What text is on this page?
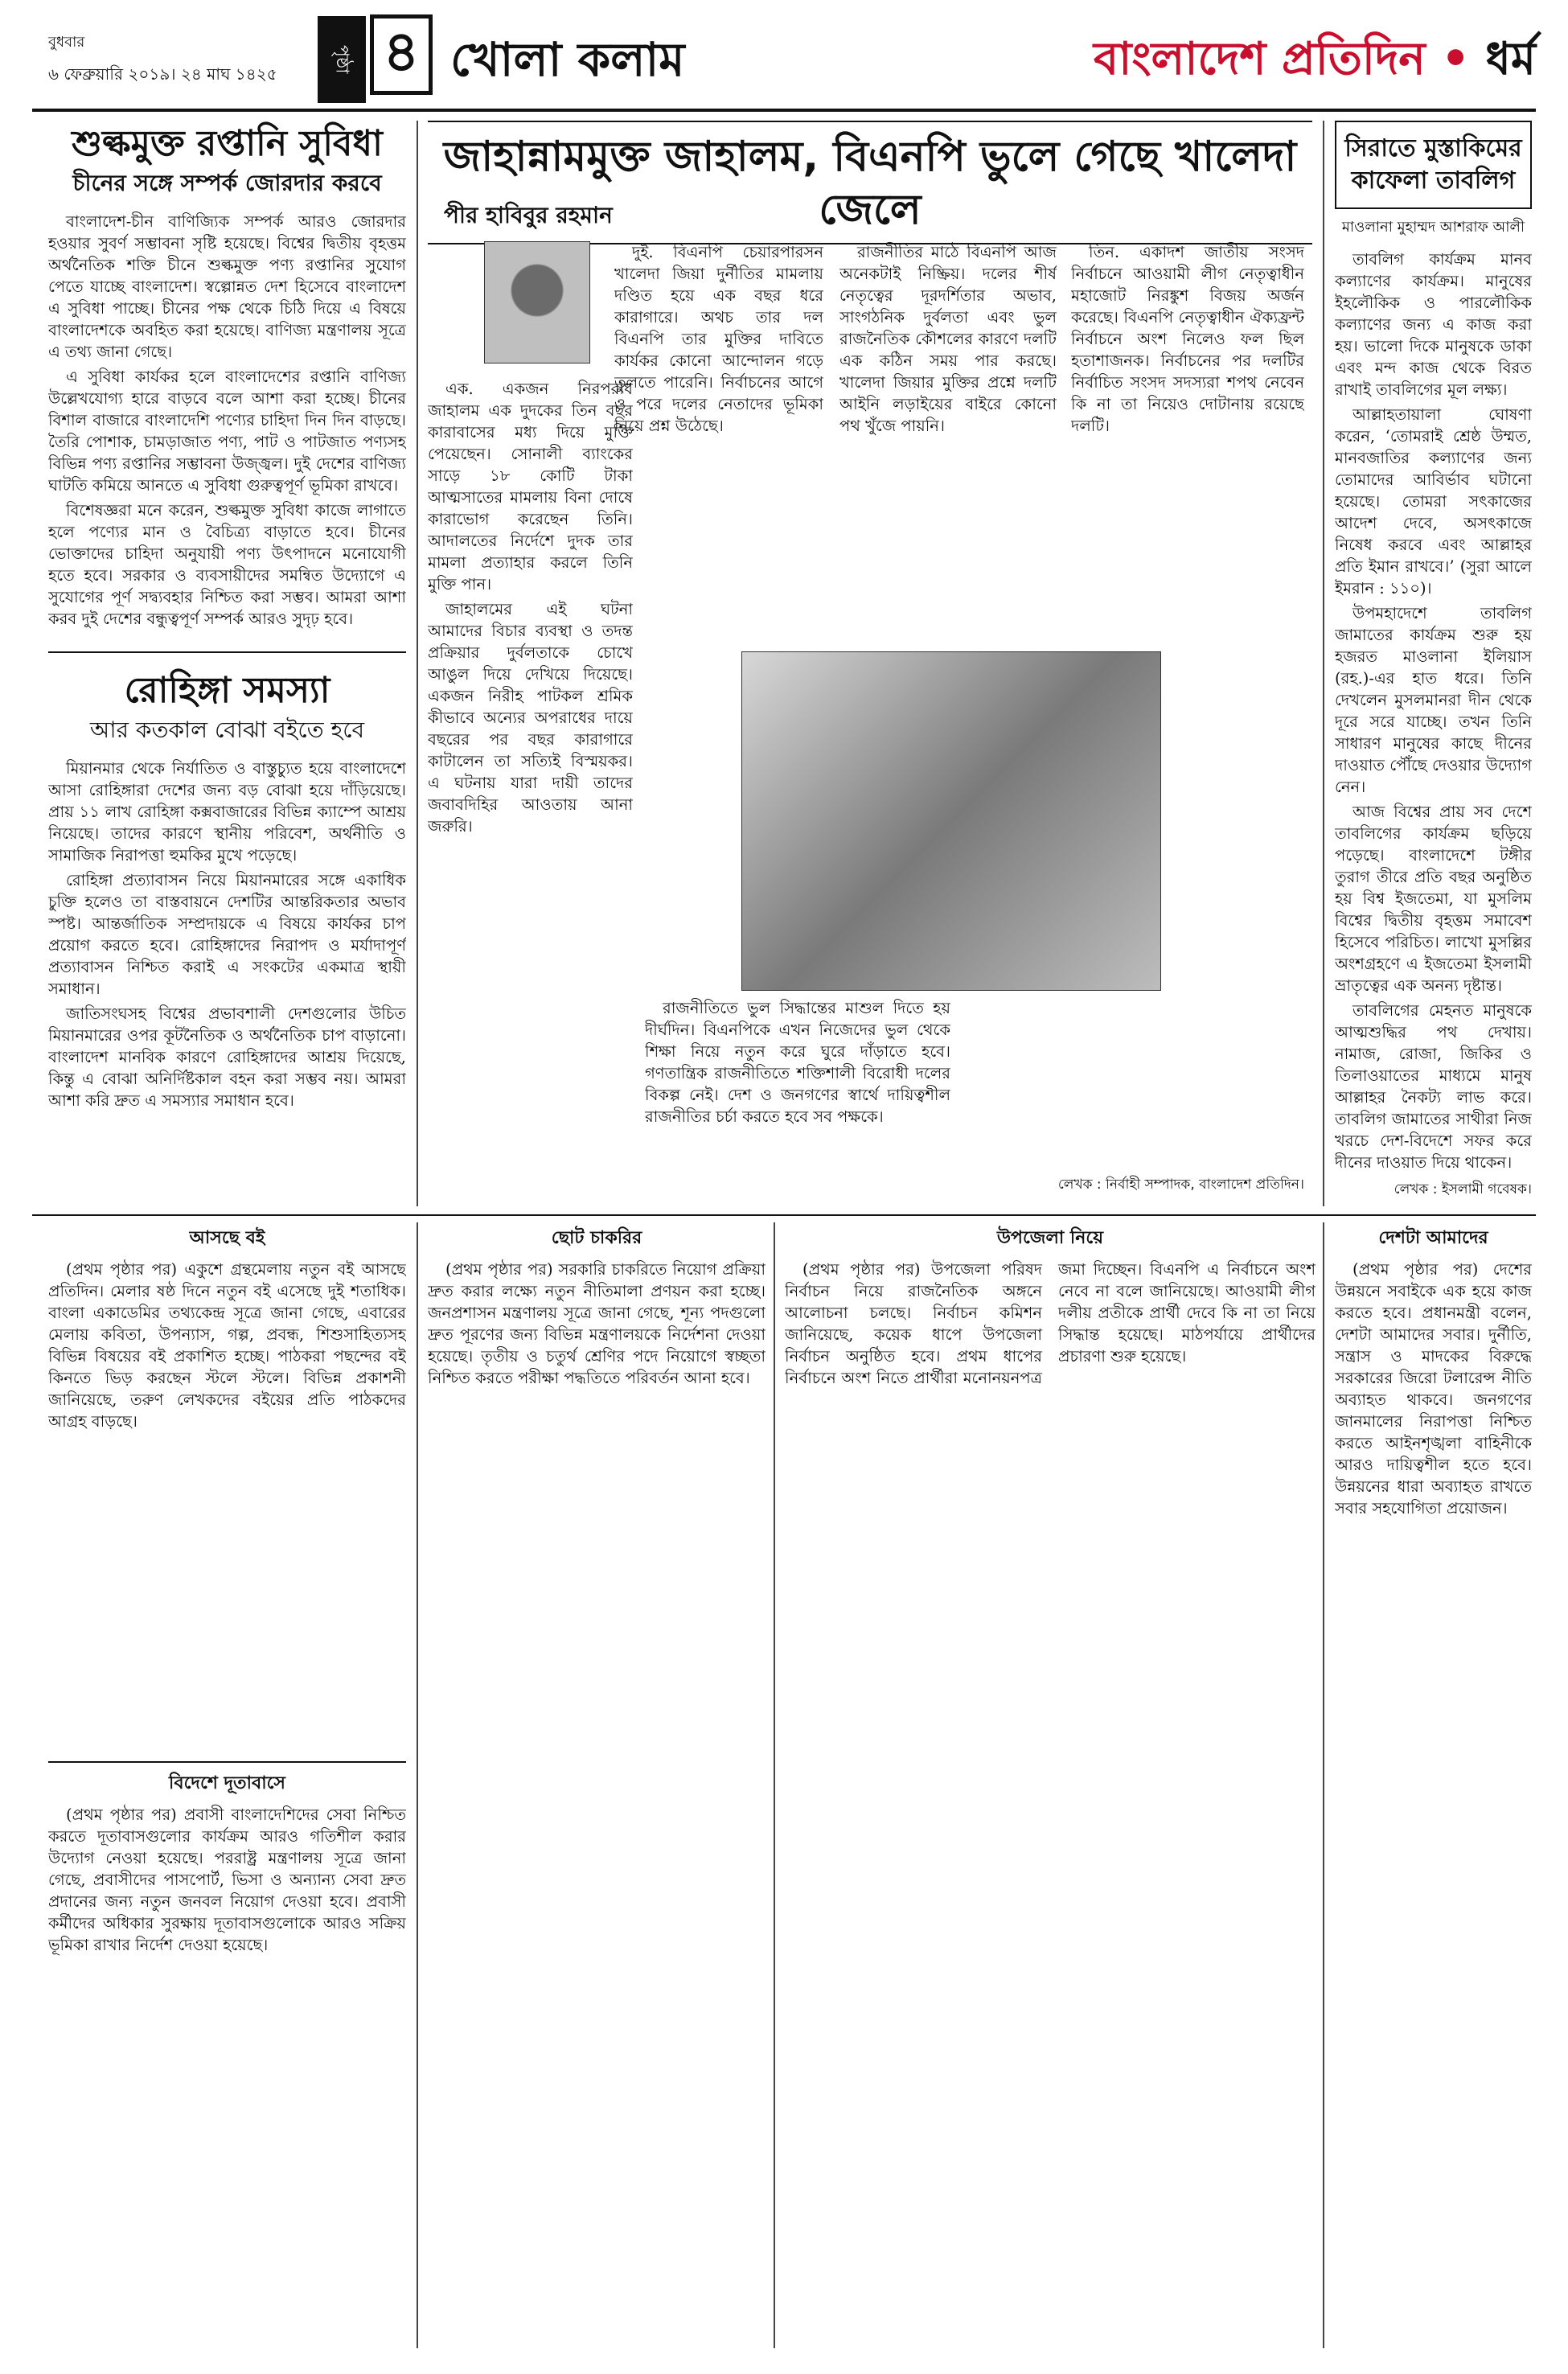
বুধবার
৬ ফেব্রুয়ারি ২০১৯। ২৪ মাঘ ১৪২৫
পৃষ্ঠা ৪ খোলা কলাম	বাংলাদেশ প্রতিদিন • ধর্ম
শুল্কমুক্ত রপ্তানি সুবিধা
চীনের সঙ্গে সম্পর্ক জোরদার করবে

বাংলাদেশ-চীন বাণিজ্যিক সম্পর্ক আরও জোরদার হওয়ার সুবর্ণ সম্ভাবনা সৃষ্টি হয়েছে। বিশ্বের দ্বিতীয় বৃহত্তম অর্থনৈতিক শক্তি চীনে শুল্কমুক্ত পণ্য রপ্তানির সুযোগ পেতে যাচ্ছে বাংলাদেশ। স্বল্পোন্নত দেশ হিসেবে বাংলাদেশ এ সুবিধা পাচ্ছে। চীনের পক্ষ থেকে চিঠি দিয়ে এ বিষয়ে বাংলাদেশকে অবহিত করা হয়েছে। বাণিজ্য মন্ত্রণালয় সূত্রে এ তথ্য জানা গেছে।

এ সুবিধা কার্যকর হলে বাংলাদেশের রপ্তানি বাণিজ্য উল্লেখযোগ্য হারে বাড়বে বলে আশা করা হচ্ছে। চীনের বিশাল বাজারে বাংলাদেশি পণ্যের চাহিদা দিন দিন বাড়ছে। তৈরি পোশাক, চামড়াজাত পণ্য, পাট ও পাটজাত পণ্যসহ বিভিন্ন পণ্য রপ্তানির সম্ভাবনা উজ্জ্বল। দুই দেশের বাণিজ্য ঘাটতি কমিয়ে আনতে এ সুবিধা গুরুত্বপূর্ণ ভূমিকা রাখবে।

বিশেষজ্ঞরা মনে করেন, শুল্কমুক্ত সুবিধা কাজে লাগাতে হলে পণ্যের মান ও বৈচিত্র্য বাড়াতে হবে। চীনের ভোক্তাদের চাহিদা অনুযায়ী পণ্য উৎপাদনে মনোযোগী হতে হবে। সরকার ও ব্যবসায়ীদের সমন্বিত উদ্যোগে এ সুযোগের পূর্ণ সদ্ব্যবহার নিশ্চিত করা সম্ভব। আমরা আশা করব দুই দেশের বন্ধুত্বপূর্ণ সম্পর্ক আরও সুদৃঢ় হবে।

রোহিঙ্গা সমস্যা
আর কতকাল বোঝা বইতে হবে

মিয়ানমার থেকে নির্যাতিত ও বাস্তুচ্যুত হয়ে বাংলাদেশে আসা রোহিঙ্গারা দেশের জন্য বড় বোঝা হয়ে দাঁড়িয়েছে। প্রায় ১১ লাখ রোহিঙ্গা কক্সবাজারের বিভিন্ন ক্যাম্পে আশ্রয় নিয়েছে। তাদের কারণে স্থানীয় পরিবেশ, অর্থনীতি ও সামাজিক নিরাপত্তা হুমকির মুখে পড়েছে।

রোহিঙ্গা প্রত্যাবাসন নিয়ে মিয়ানমারের সঙ্গে একাধিক চুক্তি হলেও তা বাস্তবায়নে দেশটির আন্তরিকতার অভাব স্পষ্ট। আন্তর্জাতিক সম্প্রদায়কে এ বিষয়ে কার্যকর চাপ প্রয়োগ করতে হবে। রোহিঙ্গাদের নিরাপদ ও মর্যাদাপূর্ণ প্রত্যাবাসন নিশ্চিত করাই এ সংকটের একমাত্র স্থায়ী সমাধান।

জাতিসংঘসহ বিশ্বের প্রভাবশালী দেশগুলোর উচিত মিয়ানমারের ওপর কূটনৈতিক ও অর্থনৈতিক চাপ বাড়ানো। বাংলাদেশ মানবিক কারণে রোহিঙ্গাদের আশ্রয় দিয়েছে, কিন্তু এ বোঝা অনির্দিষ্টকাল বহন করা সম্ভব নয়। আমরা আশা করি দ্রুত এ সমস্যার সমাধান হবে।

জাহান্নামমুক্ত জাহালম, বিএনপি ভুলে গেছে খালেদা জেলে
পীর হাবিবুর রহমান

এক. একজন নিরপরাধ জাহালম এক দুদকের তিন বছর কারাবাসের মধ্য দিয়ে মুক্তি পেয়েছেন। সোনালী ব্যাংকের সাড়ে ১৮ কোটি টাকা আত্মসাতের মামলায় বিনা দোষে কারাভোগ করেছেন তিনি। আদালতের নির্দেশে দুদক তার মামলা প্রত্যাহার করলে তিনি মুক্তি পান।

জাহালমের এই ঘটনা আমাদের বিচার ব্যবস্থা ও তদন্ত প্রক্রিয়ার দুর্বলতাকে চোখে আঙুল দিয়ে দেখিয়ে দিয়েছে। একজন নিরীহ পাটকল শ্রমিক কীভাবে অন্যের অপরাধের দায়ে বছরের পর বছর কারাগারে কাটালেন তা সত্যিই বিস্ময়কর। এ ঘটনায় যারা দায়ী তাদের জবাবদিহির আওতায় আনা জরুরি।

দুই. বিএনপি চেয়ারপারসন খালেদা জিয়া দুর্নীতির মামলায় দণ্ডিত হয়ে এক বছর ধরে কারাগারে। অথচ তার দল বিএনপি তার মুক্তির দাবিতে কার্যকর কোনো আন্দোলন গড়ে তুলতে পারেনি। নির্বাচনের আগে ও পরে দলের নেতাদের ভূমিকা নিয়ে প্রশ্ন উঠেছে।

রাজনীতির মাঠে বিএনপি আজ অনেকটাই নিষ্ক্রিয়। দলের শীর্ষ নেতৃত্বের দূরদর্শিতার অভাব, সাংগঠনিক দুর্বলতা এবং ভুল রাজনৈতিক কৌশলের কারণে দলটি এক কঠিন সময় পার করছে। খালেদা জিয়ার মুক্তির প্রশ্নে দলটি আইনি লড়াইয়ের বাইরে কোনো পথ খুঁজে পায়নি।

তিন. একাদশ জাতীয় সংসদ নির্বাচনে আওয়ামী লীগ নেতৃত্বাধীন মহাজোট নিরঙ্কুশ বিজয় অর্জন করেছে। বিএনপি নেতৃত্বাধীন ঐক্যফ্রন্ট নির্বাচনে অংশ নিলেও ফল ছিল হতাশাজনক। নির্বাচনের পর দলটির নির্বাচিত সংসদ সদস্যরা শপথ নেবেন কি না তা নিয়েও দোটানায় রয়েছে দলটি।

রাজনীতিতে ভুল সিদ্ধান্তের মাশুল দিতে হয় দীর্ঘদিন। বিএনপিকে এখন নিজেদের ভুল থেকে শিক্ষা নিয়ে নতুন করে ঘুরে দাঁড়াতে হবে। গণতান্ত্রিক রাজনীতিতে শক্তিশালী বিরোধী দলের বিকল্প নেই। দেশ ও জনগণের স্বার্থে দায়িত্বশীল রাজনীতির চর্চা করতে হবে সব পক্ষকে।

লেখক : নির্বাহী সম্পাদক, বাংলাদেশ প্রতিদিন।
সিরাতে মুস্তাকিমের কাফেলা তাবলিগ
মাওলানা মুহাম্মদ আশরাফ আলী

তাবলিগ কার্যক্রম মানব কল্যাণের কার্যক্রম। মানুষের ইহলৌকিক ও পারলৌকিক কল্যাণের জন্য এ কাজ করা হয়। ভালো দিকে মানুষকে ডাকা এবং মন্দ কাজ থেকে বিরত রাখাই তাবলিগের মূল লক্ষ্য।

আল্লাহতায়ালা ঘোষণা করেন, ‘তোমরাই শ্রেষ্ঠ উম্মত, মানবজাতির কল্যাণের জন্য তোমাদের আবির্ভাব ঘটানো হয়েছে। তোমরা সৎকাজের আদেশ দেবে, অসৎকাজে নিষেধ করবে এবং আল্লাহর প্রতি ইমান রাখবে।’ (সুরা আলে ইমরান : ১১০)।

উপমহাদেশে তাবলিগ জামাতের কার্যক্রম শুরু হয় হজরত মাওলানা ইলিয়াস (রহ.)-এর হাত ধরে। তিনি দেখলেন মুসলমানরা দীন থেকে দূরে সরে যাচ্ছে। তখন তিনি সাধারণ মানুষের কাছে দীনের দাওয়াত পৌঁছে দেওয়ার উদ্যোগ নেন।

আজ বিশ্বের প্রায় সব দেশে তাবলিগের কার্যক্রম ছড়িয়ে পড়েছে। বাংলাদেশে টঙ্গীর তুরাগ তীরে প্রতি বছর অনুষ্ঠিত হয় বিশ্ব ইজতেমা, যা মুসলিম বিশ্বের দ্বিতীয় বৃহত্তম সমাবেশ হিসেবে পরিচিত। লাখো মুসল্লির অংশগ্রহণে এ ইজতেমা ইসলামী ভ্রাতৃত্বের এক অনন্য দৃষ্টান্ত।

তাবলিগের মেহনত মানুষকে আত্মশুদ্ধির পথ দেখায়। নামাজ, রোজা, জিকির ও তিলাওয়াতের মাধ্যমে মানুষ আল্লাহর নৈকট্য লাভ করে। তাবলিগ জামাতের সাথীরা নিজ খরচে দেশ-বিদেশে সফর করে দীনের দাওয়াত দিয়ে থাকেন।

লেখক : ইসলামী গবেষক।
আসছে বই

(প্রথম পৃষ্ঠার পর) একুশে গ্রন্থমেলায় নতুন বই আসছে প্রতিদিন। মেলার ষষ্ঠ দিনে নতুন বই এসেছে দুই শতাধিক। বাংলা একাডেমির তথ্যকেন্দ্র সূত্রে জানা গেছে, এবারের মেলায় কবিতা, উপন্যাস, গল্প, প্রবন্ধ, শিশুসাহিত্যসহ বিভিন্ন বিষয়ের বই প্রকাশিত হচ্ছে। পাঠকরা পছন্দের বই কিনতে ভিড় করছেন স্টলে স্টলে। বিভিন্ন প্রকাশনী জানিয়েছে, তরুণ লেখকদের বইয়ের প্রতি পাঠকদের আগ্রহ বাড়ছে।

বিদেশে দূতাবাসে

(প্রথম পৃষ্ঠার পর) প্রবাসী বাংলাদেশিদের সেবা নিশ্চিত করতে দূতাবাসগুলোর কার্যক্রম আরও গতিশীল করার উদ্যোগ নেওয়া হয়েছে। পররাষ্ট্র মন্ত্রণালয় সূত্রে জানা গেছে, প্রবাসীদের পাসপোর্ট, ভিসা ও অন্যান্য সেবা দ্রুত প্রদানের জন্য নতুন জনবল নিয়োগ দেওয়া হবে। প্রবাসী কর্মীদের অধিকার সুরক্ষায় দূতাবাসগুলোকে আরও সক্রিয় ভূমিকা রাখার নির্দেশ দেওয়া হয়েছে।

ছোট চাকরির

(প্রথম পৃষ্ঠার পর) সরকারি চাকরিতে নিয়োগ প্রক্রিয়া দ্রুত করার লক্ষ্যে নতুন নীতিমালা প্রণয়ন করা হচ্ছে। জনপ্রশাসন মন্ত্রণালয় সূত্রে জানা গেছে, শূন্য পদগুলো দ্রুত পূরণের জন্য বিভিন্ন মন্ত্রণালয়কে নির্দেশনা দেওয়া হয়েছে। তৃতীয় ও চতুর্থ শ্রেণির পদে নিয়োগে স্বচ্ছতা নিশ্চিত করতে পরীক্ষা পদ্ধতিতে পরিবর্তন আনা হবে।

উপজেলা নিয়ে

(প্রথম পৃষ্ঠার পর) উপজেলা পরিষদ নির্বাচন নিয়ে রাজনৈতিক অঙ্গনে আলোচনা চলছে। নির্বাচন কমিশন জানিয়েছে, কয়েক ধাপে উপজেলা নির্বাচন অনুষ্ঠিত হবে। প্রথম ধাপের নির্বাচনে অংশ নিতে প্রার্থীরা মনোনয়নপত্র জমা দিচ্ছেন। বিএনপি এ নির্বাচনে অংশ নেবে না বলে জানিয়েছে। আওয়ামী লীগ দলীয় প্রতীকে প্রার্থী দেবে কি না তা নিয়ে সিদ্ধান্ত হয়েছে। মাঠপর্যায়ে প্রার্থীদের প্রচারণা শুরু হয়েছে।

দেশটা আমাদের

(প্রথম পৃষ্ঠার পর) দেশের উন্নয়নে সবাইকে এক হয়ে কাজ করতে হবে। প্রধানমন্ত্রী বলেন, দেশটা আমাদের সবার। দুর্নীতি, সন্ত্রাস ও মাদকের বিরুদ্ধে সরকারের জিরো টলারেন্স নীতি অব্যাহত থাকবে। জনগণের জানমালের নিরাপত্তা নিশ্চিত করতে আইনশৃঙ্খলা বাহিনীকে আরও দায়িত্বশীল হতে হবে। উন্নয়নের ধারা অব্যাহত রাখতে সবার সহযোগিতা প্রয়োজন।
